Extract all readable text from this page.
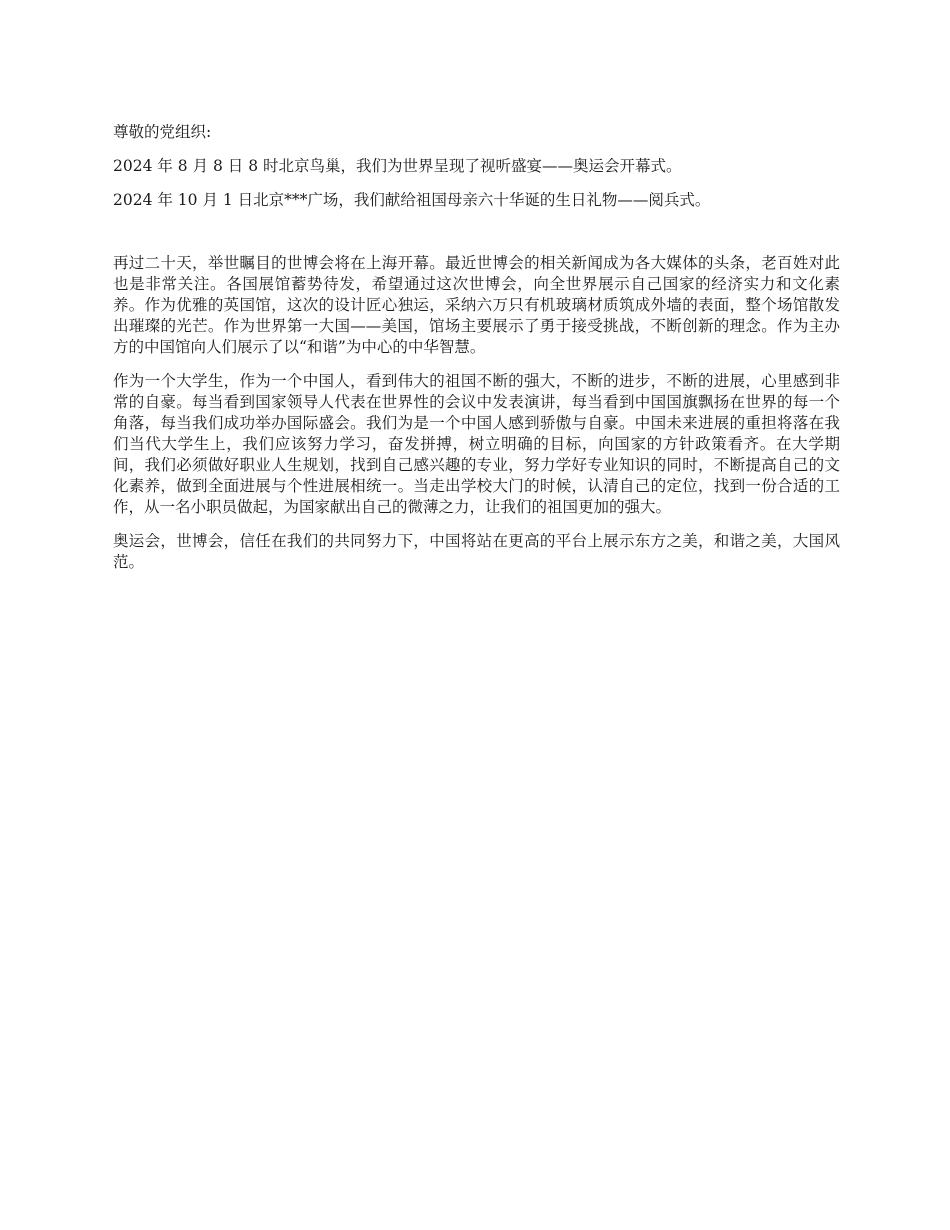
尊敬的党组织:

2024 年 8 月 8 日 8 时北京鸟巢，我们为世界呈现了视听盛宴——奥运会开幕式。

2024 年 10 月 1 日北京***广场，我们献给祖国母亲六十华诞的生日礼物——阅兵式。

再过二十天，举世瞩目的世博会将在上海开幕。最近世博会的相关新闻成为各大媒体的头条，老百姓对此也是非常关注。各国展馆蓄势待发，希望通过这次世博会，向全世界展示自己国家的经济实力和文化素养。作为优雅的英国馆，这次的设计匠心独运，采纳六万只有机玻璃材质筑成外墙的表面，整个场馆散发出璀璨的光芒。作为世界第一大国——美国，馆场主要展示了勇于接受挑战，不断创新的理念。作为主办方的中国馆向人们展示了以“和谐”为中心的中华智慧。

作为一个大学生，作为一个中国人，看到伟大的祖国不断的强大，不断的进步，不断的进展，心里感到非常的自豪。每当看到国家领导人代表在世界性的会议中发表演讲，每当看到中国国旗飘扬在世界的每一个角落，每当我们成功举办国际盛会。我们为是一个中国人感到骄傲与自豪。中国未来进展的重担将落在我们当代大学生上，我们应该努力学习，奋发拼搏，树立明确的目标，向国家的方针政策看齐。在大学期间，我们必须做好职业人生规划，找到自己感兴趣的专业，努力学好专业知识的同时，不断提高自己的文化素养，做到全面进展与个性进展相统一。当走出学校大门的时候，认清自己的定位，找到一份合适的工作，从一名小职员做起，为国家献出自己的微薄之力，让我们的祖国更加的强大。

奥运会，世博会，信任在我们的共同努力下，中国将站在更高的平台上展示东方之美，和谐之美，大国风范。
